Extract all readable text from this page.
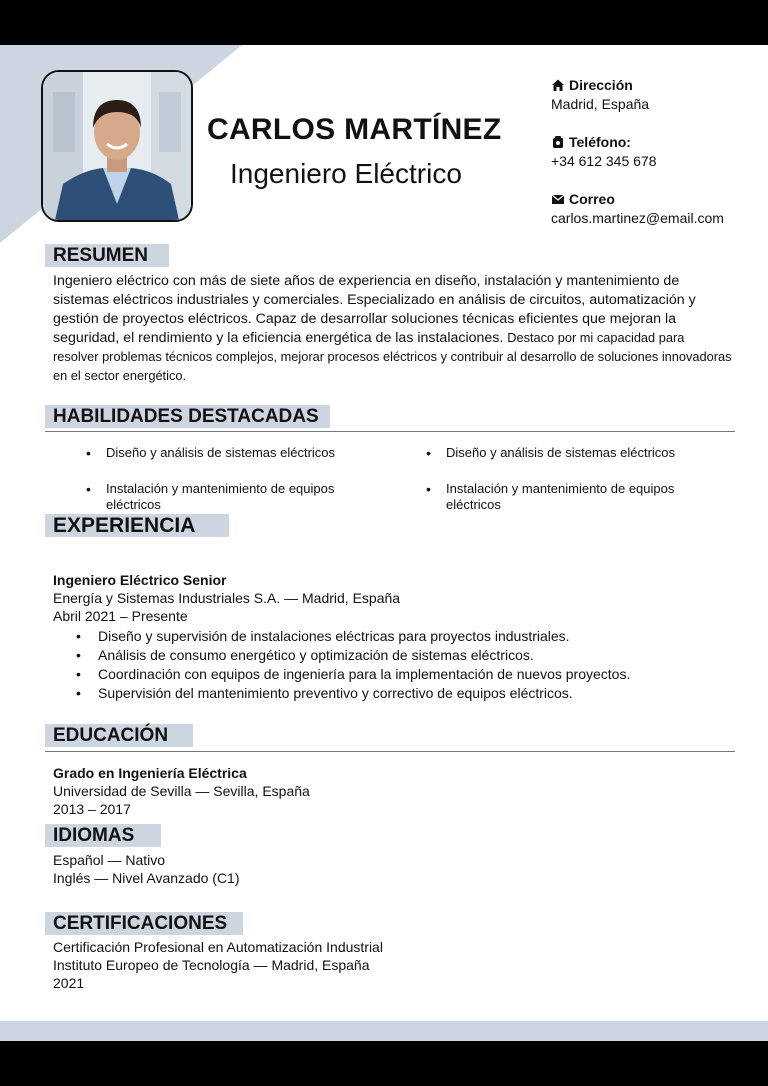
CARLOS MARTÍNEZ
Ingeniero Eléctrico
Dirección
Madrid, España
Teléfono:
+34 612 345 678
Correo
carlos.martinez@email.com
RESUMEN
Ingeniero eléctrico con más de siete años de experiencia en diseño, instalación y mantenimiento de sistemas eléctricos industriales y comerciales. Especializado en análisis de circuitos, automatización y gestión de proyectos eléctricos. Capaz de desarrollar soluciones técnicas eficientes que mejoran la seguridad, el rendimiento y la eficiencia energética de las instalaciones. Destaco por mi capacidad para resolver problemas técnicos complejos, mejorar procesos eléctricos y contribuir al desarrollo de soluciones innovadoras en el sector energético.
HABILIDADES DESTACADAS
• Diseño y análisis de sistemas eléctricos
• Instalación y mantenimiento de equipos eléctricos
• Diseño y análisis de sistemas eléctricos
• Instalación y mantenimiento de equipos eléctricos
EXPERIENCIA
Ingeniero Eléctrico Senior
Energía y Sistemas Industriales S.A. — Madrid, España
Abril 2021 – Presente
• Diseño y supervisión de instalaciones eléctricas para proyectos industriales.
• Análisis de consumo energético y optimización de sistemas eléctricos.
• Coordinación con equipos de ingeniería para la implementación de nuevos proyectos.
• Supervisión del mantenimiento preventivo y correctivo de equipos eléctricos.
EDUCACIÓN
Grado en Ingeniería Eléctrica
Universidad de Sevilla — Sevilla, España
2013 – 2017
IDIOMAS
Español — Nativo
Inglés — Nivel Avanzado (C1)
CERTIFICACIONES
Certificación Profesional en Automatización Industrial
Instituto Europeo de Tecnología — Madrid, España
2021
